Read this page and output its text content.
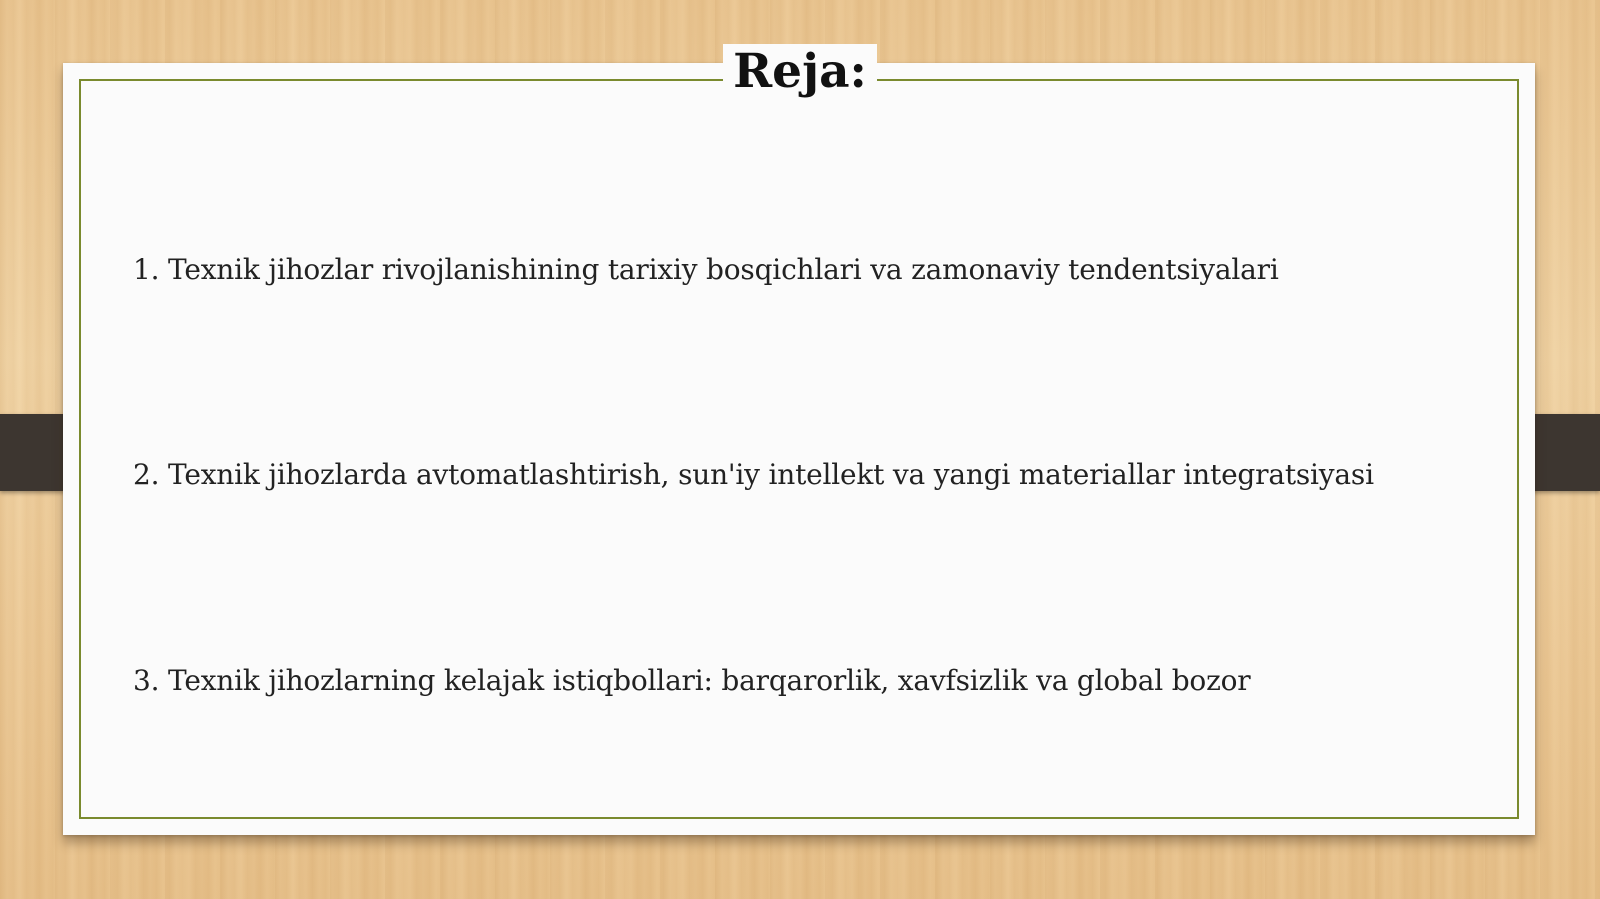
Reja:
1. Texnik jihozlar rivojlanishining tarixiy bosqichlari va zamonaviy tendentsiyalari
2. Texnik jihozlarda avtomatlashtirish, sun'iy intellekt va yangi materiallar integratsiyasi
3. Texnik jihozlarning kelajak istiqbollari: barqarorlik, xavfsizlik va global bozor
